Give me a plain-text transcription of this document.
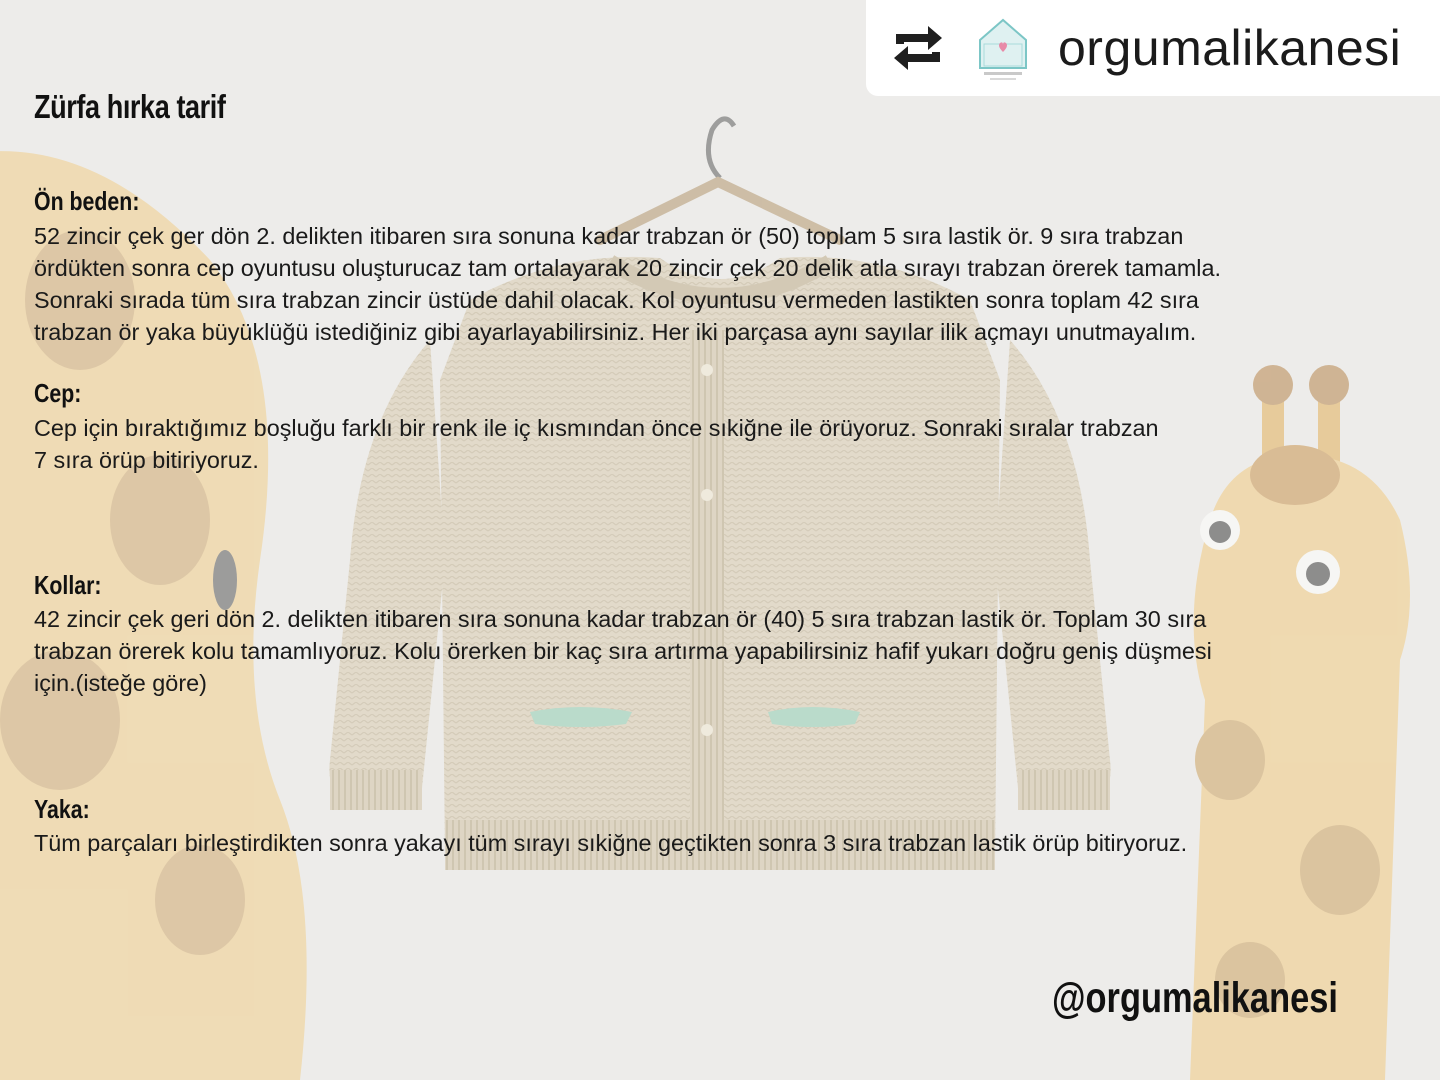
orgumalikanesi
Zürfa hırka tarif
Ön beden:

52 zincir çek ger dön 2. delikten itibaren sıra sonuna kadar trabzan ör (50) toplam 5 sıra lastik ör. 9 sıra trabzan
ördükten sonra cep oyuntusu oluşturucaz tam ortalayarak 20 zincir çek 20 delik atla sırayı trabzan örerek tamamla.
Sonraki sırada tüm sıra trabzan zincir üstüde dahil olacak. Kol oyuntusu vermeden lastikten sonra toplam 42 sıra
trabzan ör yaka büyüklüğü istediğiniz gibi ayarlayabilirsiniz. Her iki parçasa aynı sayılar ilik açmayı unutmayalım.

Cep:

Cep için bıraktığımız boşluğu farklı bir renk ile iç kısmından önce sıkiğne ile örüyoruz. Sonraki sıralar trabzan
7 sıra örüp bitiriyoruz.

Kollar:

42 zincir çek geri dön 2. delikten itibaren sıra sonuna kadar trabzan ör (40) 5 sıra trabzan lastik ör. Toplam 30 sıra
trabzan örerek kolu tamamlıyoruz. Kolu örerken bir kaç sıra artırma yapabilirsiniz hafif yukarı doğru geniş düşmesi
için.(isteğe göre)

Yaka:

Tüm parçaları birleştirdikten sonra yakayı tüm sırayı sıkiğne geçtikten sonra 3 sıra trabzan lastik örüp bitiryoruz.

@orgumalikanesi
